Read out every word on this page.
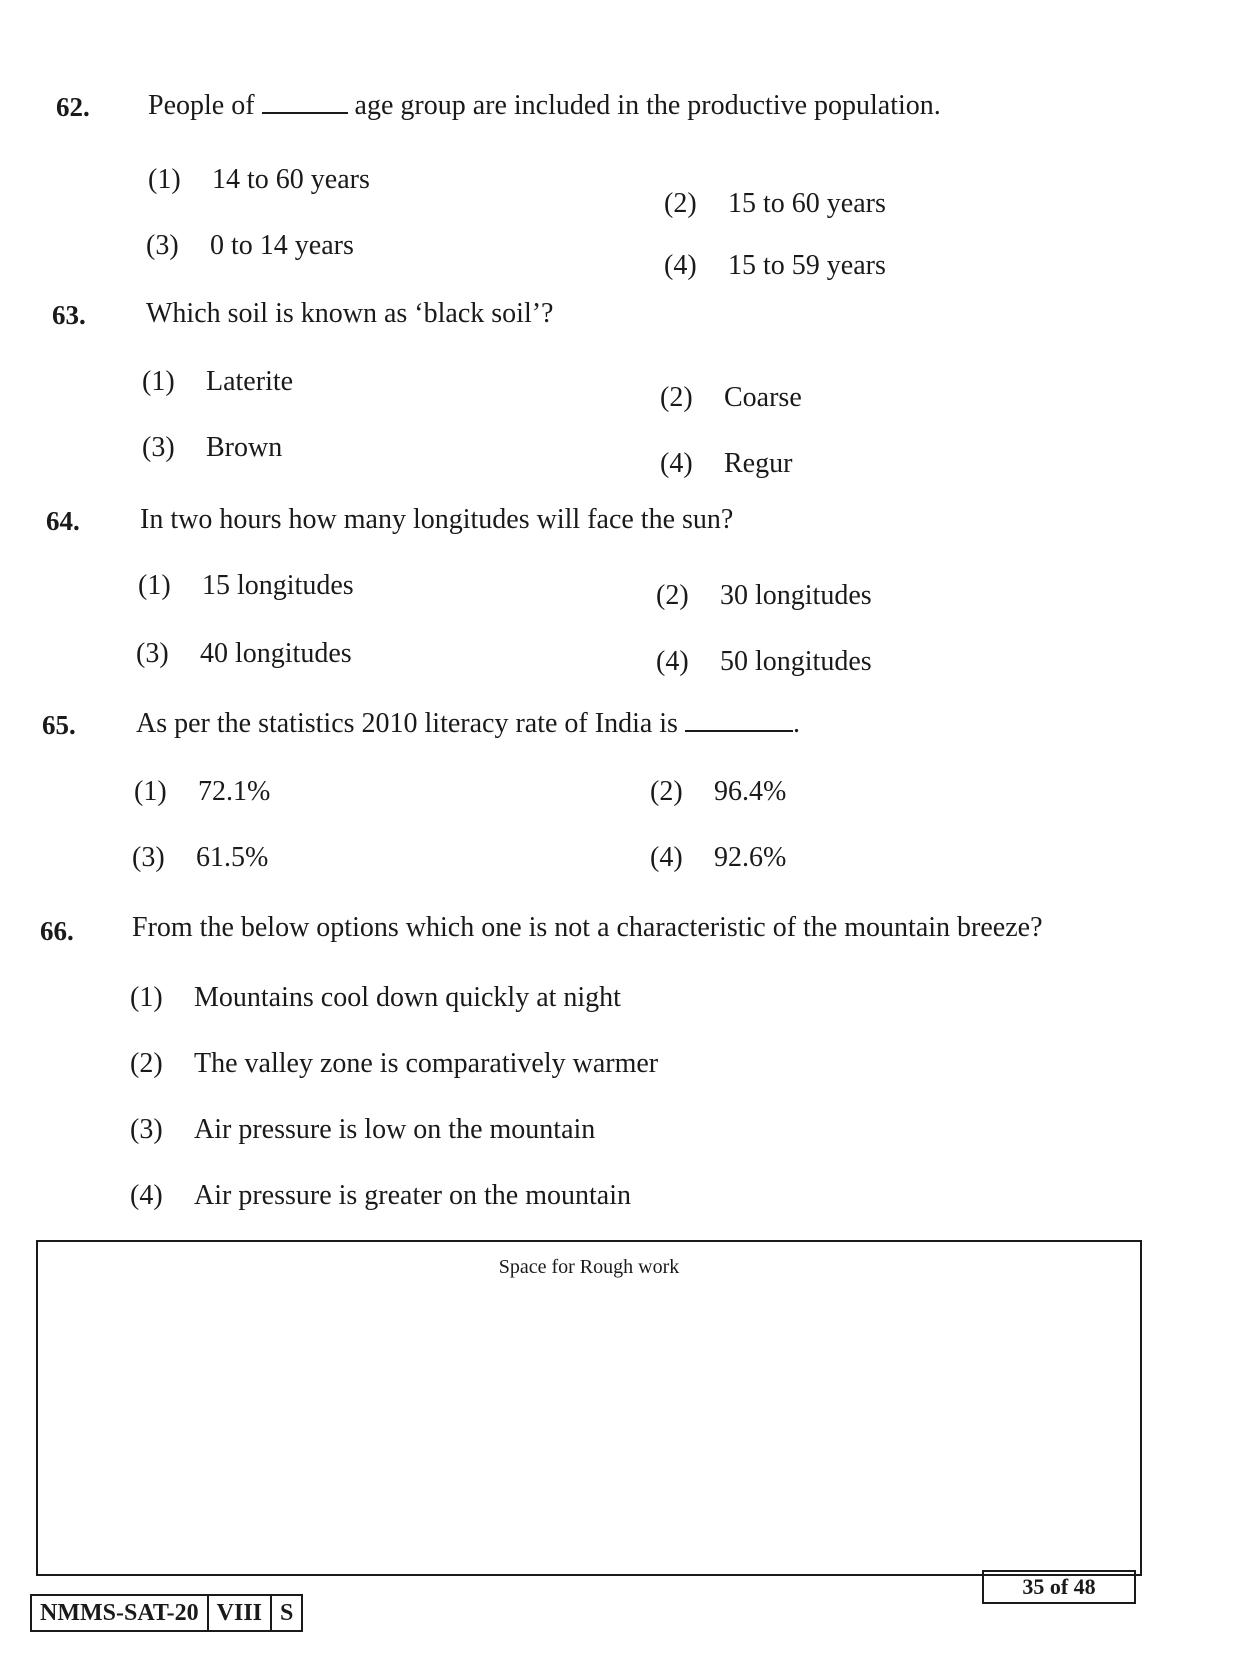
62. People of	age group are included in the productive population.
(1) 14 to 60 years
(2) 15 to 60 years
(3) 0 to 14 years
(4) 15 to 59 years
63. Which soil is known as ‘black soil’?
(1) Laterite
(2) Coarse
(3) Brown
(4) Regur
64. In two hours how many longitudes will face the sun?
(1) 15 longitudes	(2) 30 longitudes
(3) 40 longitudes	(4) 50 longitudes
65. As per the statistics 2010 literacy rate of India is	.
(1) 72.1%	(2) 96.4%
(3) 61.5%	(4) 92.6%
66. From the below options which one is not a characteristic of the mountain breeze?
(1) Mountains cool down quickly at night
(2) The valley zone is comparatively warmer
(3) Air pressure is low on the mountain
(4) Air pressure is greater on the mountain
Space for Rough work
35 of 48
NMMS-SAT-20 VIII S
